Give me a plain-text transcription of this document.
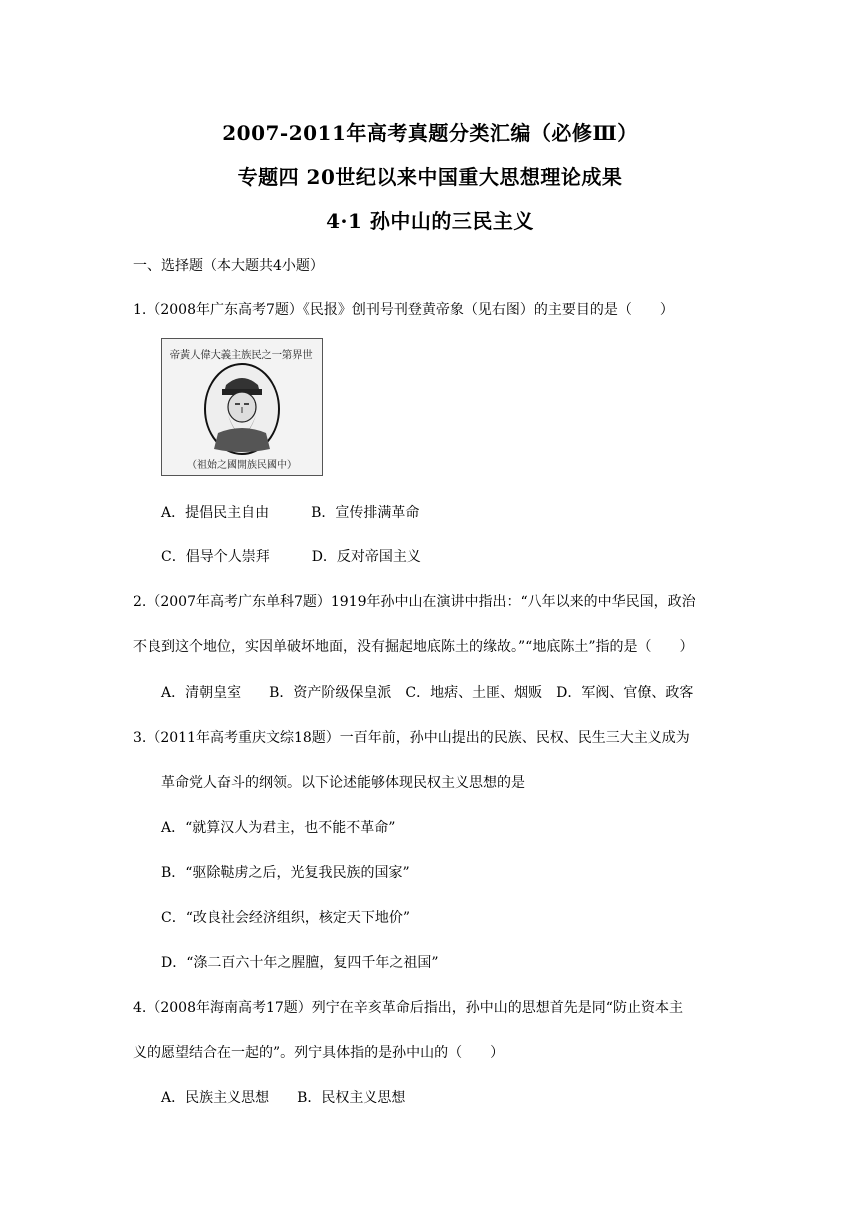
2007-2011年高考真题分类汇编（必修Ⅲ）
专题四 20世纪以来中国重大思想理论成果
4·1 孙中山的三民主义
一、选择题（本大题共4小题）
1.（2008年广东高考7题）《民报》创刊号刊登黄帝象（见右图）的主要目的是（　　）
世界第一之民族主義大偉人黃帝
（中國民族開國之始祖）
A．提倡民主自由　　　B．宣传排满革命
C．倡导个人崇拜　　　D．反对帝国主义
2.（2007年高考广东单科7题）1919年孙中山在演讲中指出：“八年以来的中华民国，政治
不良到这个地位，实因单破坏地面，没有掘起地底陈土的缘故。”“地底陈土”指的是（　　）
A．清朝皇室　　B．资产阶级保皇派　C．地痞、土匪、烟贩　D．军阀、官僚、政客
3.（2011年高考重庆文综18题）一百年前，孙中山提出的民族、民权、民生三大主义成为
革命党人奋斗的纲领。以下论述能够体现民权主义思想的是
A．“就算汉人为君主，也不能不革命”
B．“驱除鞑虏之后，光复我民族的国家”
C．“改良社会经济组织，核定天下地价”
D．“涤二百六十年之腥膻，复四千年之祖国”
4.（2008年海南高考17题）列宁在辛亥革命后指出，孙中山的思想首先是同“防止资本主
义的愿望结合在一起的”。列宁具体指的是孙中山的（　　）
A．民族主义思想　　B．民权主义思想
